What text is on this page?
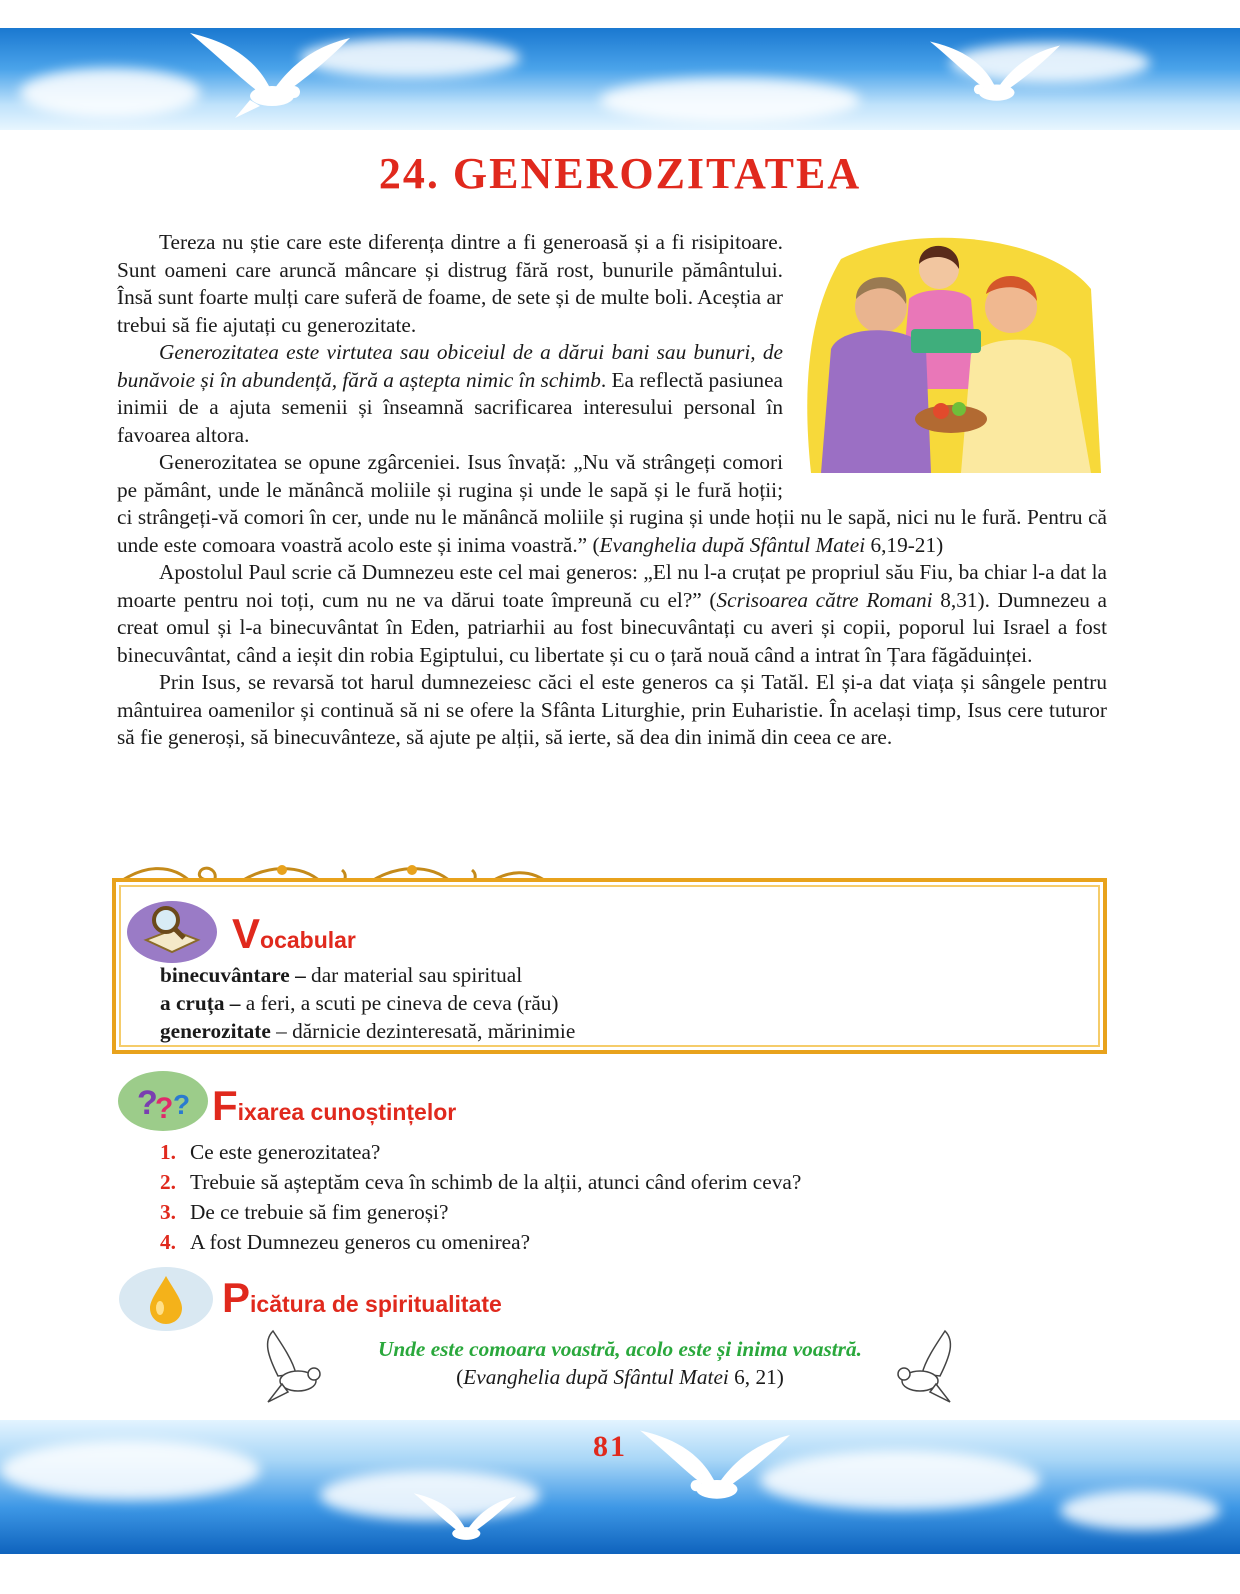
24. GENEROZITATEA

Tereza nu știe care este diferența dintre a fi generoasă și a fi risipitoare. Sunt oameni care aruncă mâncare și distrug fără rost, bunurile pământului. Însă sunt foarte mulți care suferă de foame, de sete și de multe boli. Aceștia ar trebui să fie ajutați cu generozitate.

Generozitatea este virtutea sau obiceiul de a dărui bani sau bunuri, de bunăvoie și în abundență, fără a aștepta nimic în schimb. Ea reflectă pasiunea inimii de a ajuta semenii și înseamnă sacrificarea interesului personal în favoarea altora.

Generozitatea se opune zgârceniei. Isus învață: „Nu vă strângeți comori pe pământ, unde le mănâncă moliile și rugina și unde le sapă și le fură hoții; ci strângeți-vă comori în cer, unde nu le mănâncă moliile și rugina și unde hoții nu le sapă, nici nu le fură. Pentru că unde este comoara voastră acolo este și inima voastră.” (Evanghelia după Sfântul Matei 6,19-21)

Apostolul Paul scrie că Dumnezeu este cel mai generos: „El nu l-a cruțat pe propriul său Fiu, ba chiar l-a dat la moarte pentru noi toți, cum nu ne va dărui toate împreună cu el?” (Scrisoarea către Romani 8,31). Dumnezeu a creat omul și l-a binecuvântat în Eden, patriarhii au fost binecuvântați cu averi și copii, poporul lui Israel a fost binecuvântat, când a ieșit din robia Egiptului, cu libertate și cu o țară nouă când a intrat în Țara făgăduinței.

Prin Isus, se revarsă tot harul dumnezeiesc căci el este generos ca și Tatăl. El și-a dat viața și sângele pentru mântuirea oamenilor și continuă să ni se ofere la Sfânta Liturghie, prin Euharistie. În același timp, Isus cere tuturor să fie generoși, să binecuvânteze, să ajute pe alții, să ierte, să dea din inimă din ceea ce are.

Vocabular
binecuvântare – dar material sau spiritual
a cruța – a feri, a scuti pe cineva de ceva (rău)
generozitate – dărnicie dezinteresată, mărinimie
?
? ? Fixarea cunoștințelor
1. Ce este generozitatea?
2. Trebuie să așteptăm ceva în schimb de la alții, atunci când oferim ceva?
3. De ce trebuie să fim generoși?
4. A fost Dumnezeu generos cu omenirea?
Picătura de spiritualitate
Unde este comoara voastră, acolo este și inima voastră.
(Evanghelia după Sfântul Matei 6, 21)
81
